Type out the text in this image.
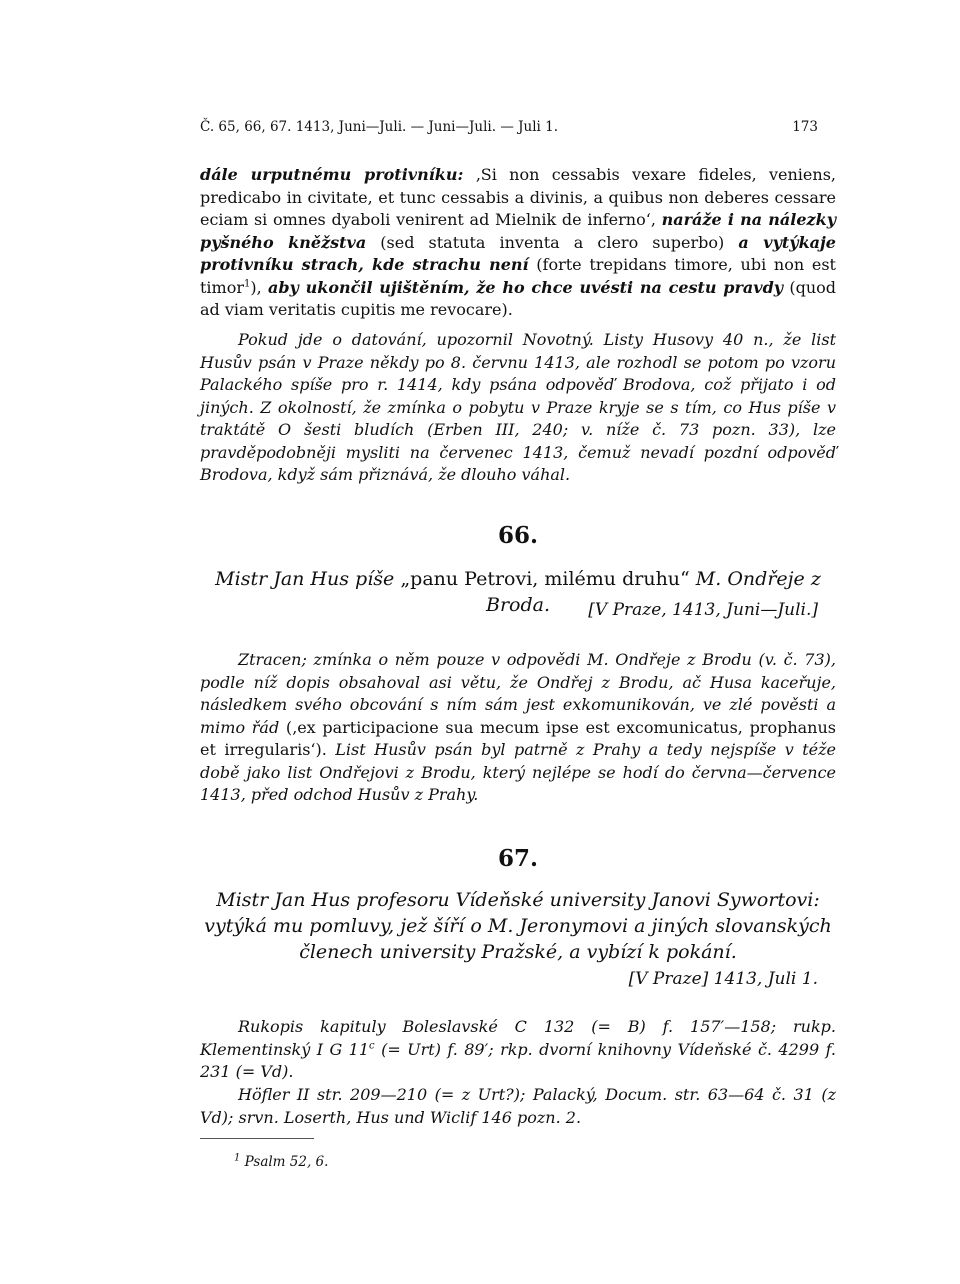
Č. 65, 66, 67. 1413, Juni—Juli. — Juni—Juli. — Juli 1.	173

dále urputnému protivníku: ‚Si non cessabis vexare fideles, veniens, predicabo in civitate, et tunc cessabis a divinis, a quibus non deberes cessare eciam si omnes dyaboli venirent ad Mielnik de inferno‘, naráže i na nálezky pyšného kněžstva (sed statuta inventa a clero superbo) a vytýkaje protivníku strach, kde strachu není (forte trepidans timore, ubi non est timor$^1$), aby ukončil ujištěním, že ho chce uvésti na cestu pravdy (quod ad viam veritatis cupitis me revocare).

Pokud jde o datování, upozornil Novotný. Listy Husovy 40 n., že list Husův psán v Praze někdy po 8. červnu 1413, ale rozhodl se potom po vzoru Palackého spíše pro r. 1414, kdy psána odpověď Brodova, což přijato i od jiných. Z okolností, že zmínka o pobytu v Praze kryje se s tím, co Hus píše v traktátě O šesti bludích (Erben III, 240; v. níže č. 73 pozn. 33), lze pravděpodobněji mysliti na červenec 1413, čemuž nevadí pozdní odpověď Brodova, když sám přiznává, že dlouho váhal.

66.
Mistr Jan Hus píše „panu Petrovi, milému druhu“ M. Ondřeje z Broda.	[V Praze, 1413, Juni—Juli.]

Ztracen; zmínka o něm pouze v odpovědi M. Ondřeje z Brodu (v. č. 73), podle níž dopis obsahoval asi větu, že Ondřej z Brodu, ač Husa kaceřuje, následkem svého obcování s ním sám jest exkomunikován, ve zlé pověsti a mimo řád (‚ex participacione sua mecum ipse est excomunicatus, prophanus et irregularis‘). List Husův psán byl patrně z Prahy a tedy nejspíše v téže době jako list Ondřejovi z Brodu, který nejlépe se hodí do června—července 1413, před odchod Husův z Prahy.

67.
Mistr Jan Hus profesoru Vídeňské university Janovi Sywortovi: vytýká mu pomluvy, jež šíří o M. Jeronymovi a jiných slovanských členech university Pražské, a vybízí k pokání.
[V Praze] 1413, Juli 1.

Rukopis kapituly Boleslavské C 132 (= B) f. 157′—158; rukp. Klementinský I G 11$^c$ (= Urt) f. 89′; rkp. dvorní knihovny Vídeňské č. 4299 f. 231 (= Vd).

Höfler II str. 209—210 (= z Urt?); Palacký, Docum. str. 63—64 č. 31 (z Vd); srvn. Loserth, Hus und Wiclif 146 pozn. 2.

$^1$ Psalm 52, 6.
